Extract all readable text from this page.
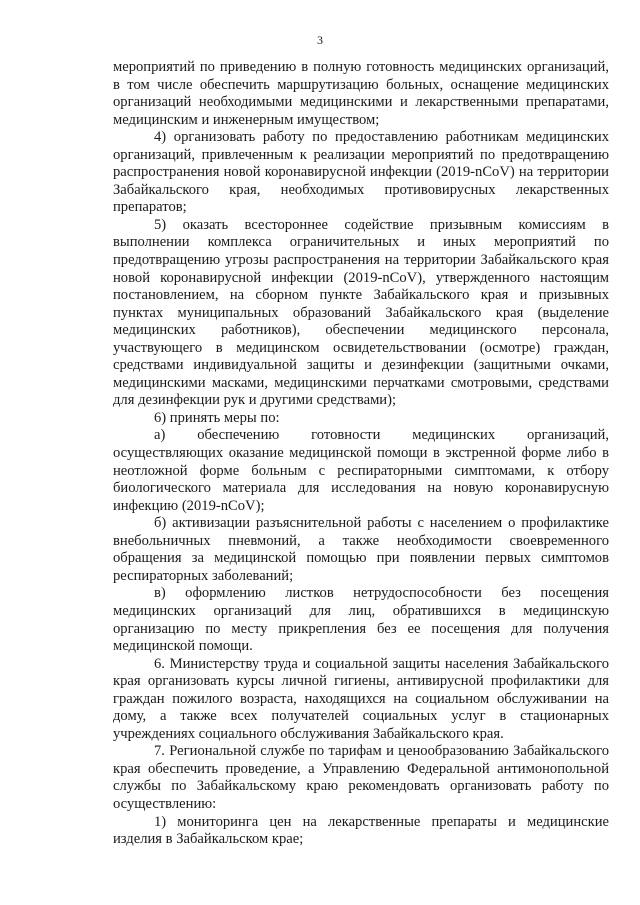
3

мероприятий по приведению в полную готовность медицинских организаций, в том числе обеспечить маршрутизацию больных, оснащение медицинских организаций необходимыми медицинскими и лекарственными препаратами, медицинским и инженерным имуществом;

4) организовать работу по предоставлению работникам медицинских организаций, привлеченным к реализации мероприятий по предотвращению распространения новой коронавирусной инфекции (2019-nCoV) на территории Забайкальского края, необходимых противовирусных лекарственных препаратов;

5) оказать всестороннее содействие призывным комиссиям в выполнении комплекса ограничительных и иных мероприятий по предотвращению угрозы распространения на территории Забайкальского края новой коронавирусной инфекции (2019-nCoV), утвержденного настоящим постановлением, на сборном пункте Забайкальского края и призывных пунктах муниципальных образований Забайкальского края (выделение медицинских работников), обеспечении медицинского персонала, участвующего в медицинском освидетельствовании (осмотре) граждан, средствами индивидуальной защиты и дезинфекции (защитными очками, медицинскими масками, медицинскими перчатками смотровыми, средствами для дезинфекции рук и другими средствами);

6) принять меры по:

а) обеспечению готовности медицинских организаций, осуществляющих оказание медицинской помощи в экстренной форме либо в неотложной форме больным с респираторными симптомами, к отбору биологического материала для исследования на новую коронавирусную инфекцию (2019-nCoV);

б) активизации разъяснительной работы с населением о профилактике внебольничных пневмоний, а также необходимости своевременного обращения за медицинской помощью при появлении первых симптомов респираторных заболеваний;

в) оформлению листков нетрудоспособности без посещения медицинских организаций для лиц, обратившихся в медицинскую организацию по месту прикрепления без ее посещения для получения медицинской помощи.

6. Министерству труда и социальной защиты населения Забайкальского края организовать курсы личной гигиены, антивирусной профилактики для граждан пожилого возраста, находящихся на социальном обслуживании на дому, а также всех получателей социальных услуг в стационарных учреждениях социального обслуживания Забайкальского края.

7. Региональной службе по тарифам и ценообразованию Забайкальского края обеспечить проведение, а Управлению Федеральной антимонопольной службы по Забайкальскому краю рекомендовать организовать работу по осуществлению:

1) мониторинга цен на лекарственные препараты и медицинские изделия в Забайкальском крае;
